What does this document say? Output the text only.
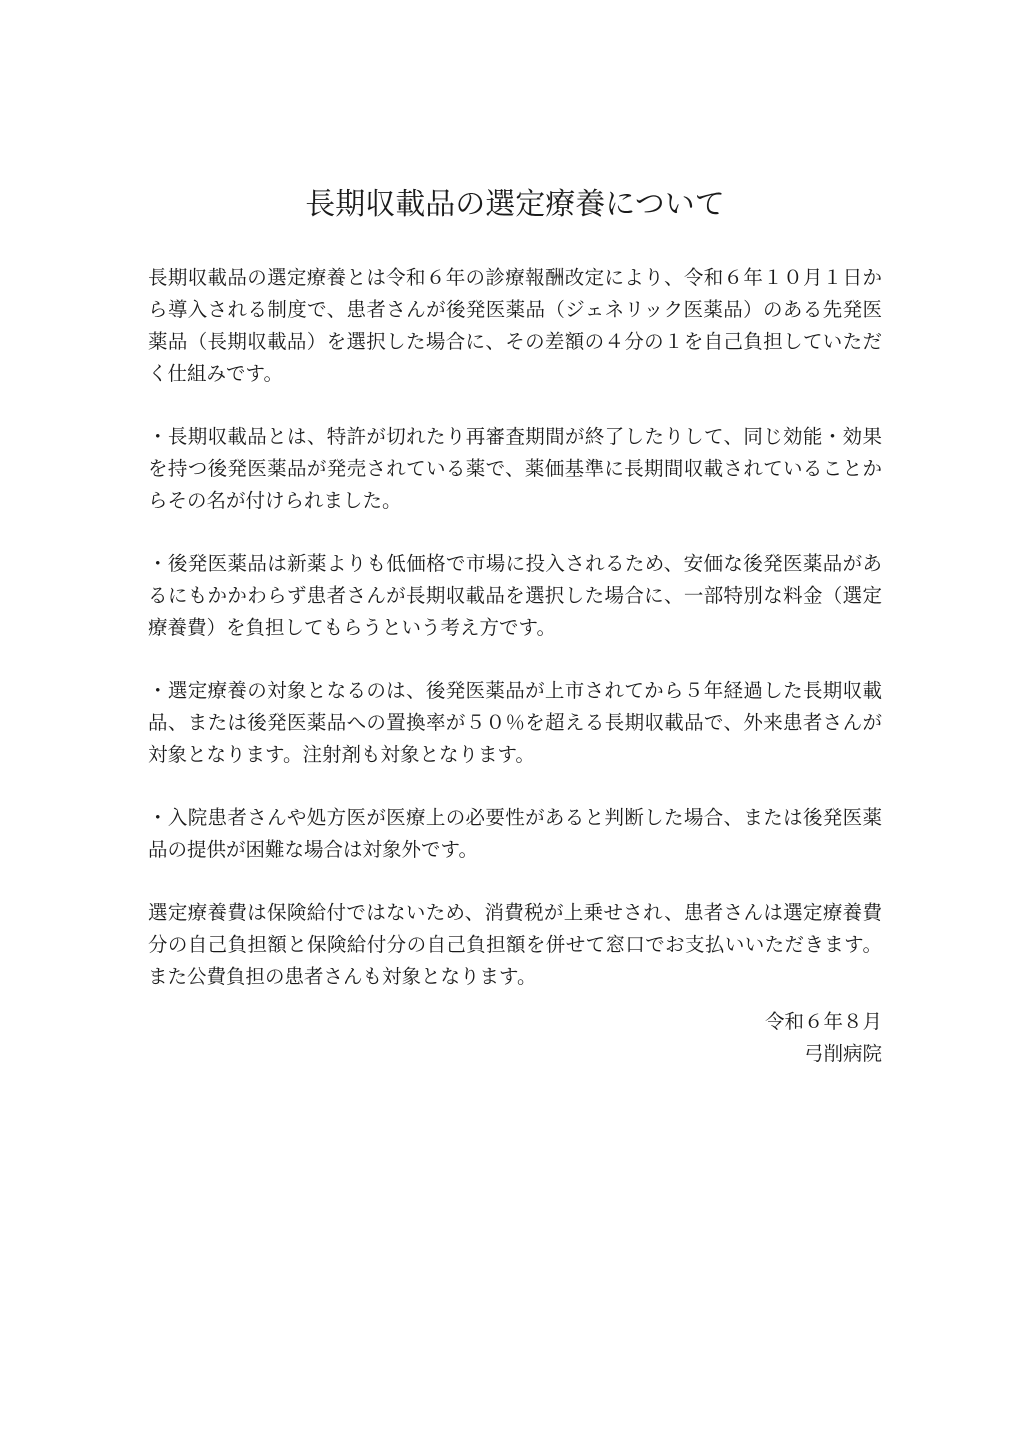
長期収載品の選定療養について

長期収載品の選定療養とは令和６年の診療報酬改定により、令和６年１０月１日から導入される制度で、患者さんが後発医薬品（ジェネリック医薬品）のある先発医薬品（長期収載品）を選択した場合に、その差額の４分の１を自己負担していただく仕組みです。

・長期収載品とは、特許が切れたり再審査期間が終了したりして、同じ効能・効果を持つ後発医薬品が発売されている薬で、薬価基準に長期間収載されていることからその名が付けられました。

・後発医薬品は新薬よりも低価格で市場に投入されるため、安価な後発医薬品があるにもかかわらず患者さんが長期収載品を選択した場合に、一部特別な料金（選定療養費）を負担してもらうという考え方です。

・選定療養の対象となるのは、後発医薬品が上市されてから５年経過した長期収載品、または後発医薬品への置換率が５０％を超える長期収載品で、外来患者さんが対象となります。注射剤も対象となります。

・入院患者さんや処方医が医療上の必要性があると判断した場合、または後発医薬品の提供が困難な場合は対象外です。

選定療養費は保険給付ではないため、消費税が上乗せされ、患者さんは選定療養費分の自己負担額と保険給付分の自己負担額を併せて窓口でお支払いいただきます。また公費負担の患者さんも対象となります。

令和６年８月
弓削病院
